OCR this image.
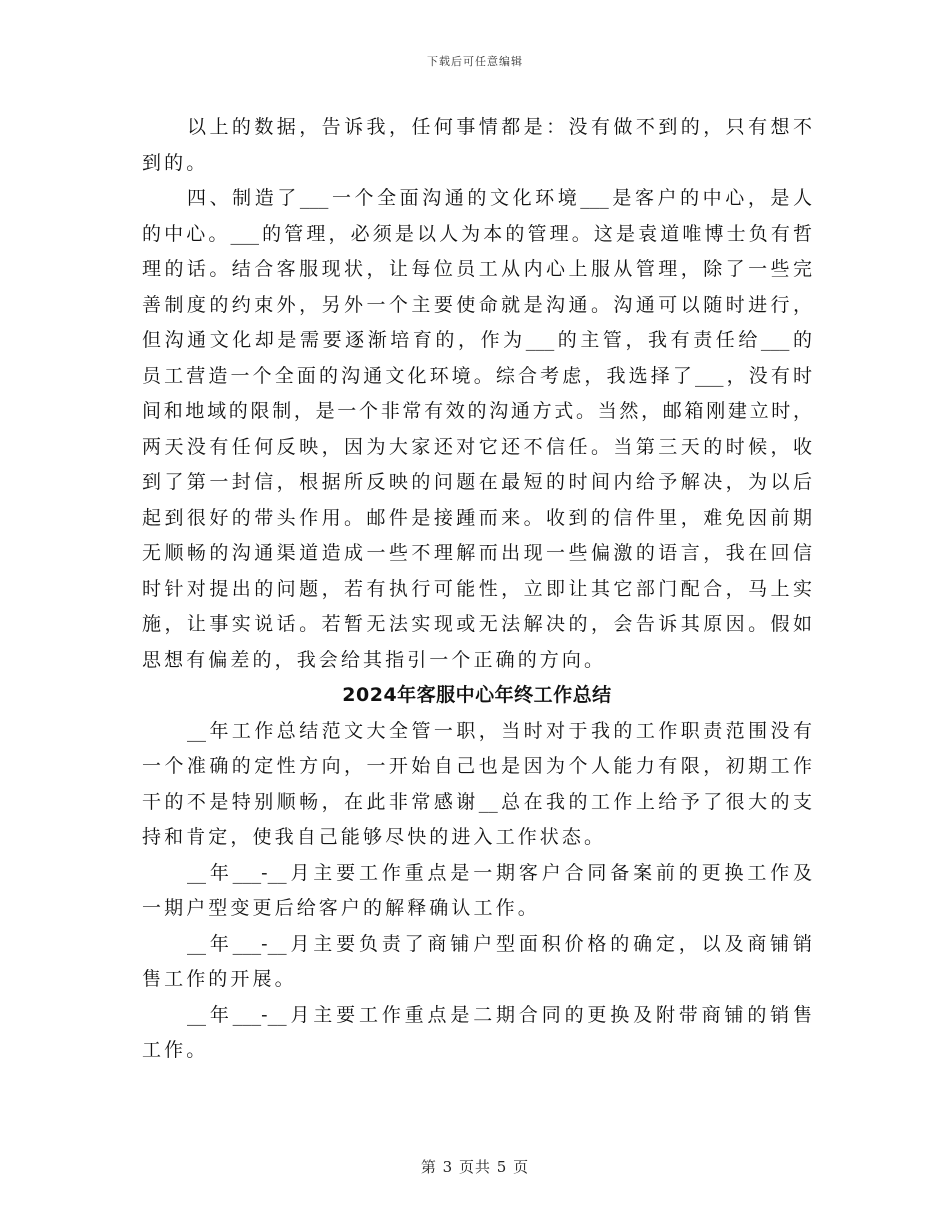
下载后可任意编辑
以上的数据，告诉我，任何事情都是：没有做不到的，只有想不
到的。
四、制造了___一个全面沟通的文化环境___是客户的中心，是人
的中心。___的管理，必须是以人为本的管理。这是袁道唯博士负有哲
理的话。结合客服现状，让每位员工从内心上服从管理，除了一些完
善制度的约束外，另外一个主要使命就是沟通。沟通可以随时进行，
但沟通文化却是需要逐渐培育的，作为___的主管，我有责任给___的
员工营造一个全面的沟通文化环境。综合考虑，我选择了___，没有时
间和地域的限制，是一个非常有效的沟通方式。当然，邮箱刚建立时，
两天没有任何反映，因为大家还对它还不信任。当第三天的时候，收
到了第一封信，根据所反映的问题在最短的时间内给予解决，为以后
起到很好的带头作用。邮件是接踵而来。收到的信件里，难免因前期
无顺畅的沟通渠道造成一些不理解而出现一些偏激的语言，我在回信
时针对提出的问题，若有执行可能性，立即让其它部门配合，马上实
施，让事实说话。若暂无法实现或无法解决的，会告诉其原因。假如
思想有偏差的，我会给其指引一个正确的方向。
2024年客服中心年终工作总结
__年工作总结范文大全管一职，当时对于我的工作职责范围没有
一个准确的定性方向，一开始自己也是因为个人能力有限，初期工作
干的不是特别顺畅，在此非常感谢__总在我的工作上给予了很大的支
持和肯定，使我自己能够尽快的进入工作状态。
__年___-__月主要工作重点是一期客户合同备案前的更换工作及
一期户型变更后给客户的解释确认工作。
__年___-__月主要负责了商铺户型面积价格的确定，以及商铺销
售工作的开展。
__年___-__月主要工作重点是二期合同的更换及附带商铺的销售
工作。
第 3 页共 5 页
